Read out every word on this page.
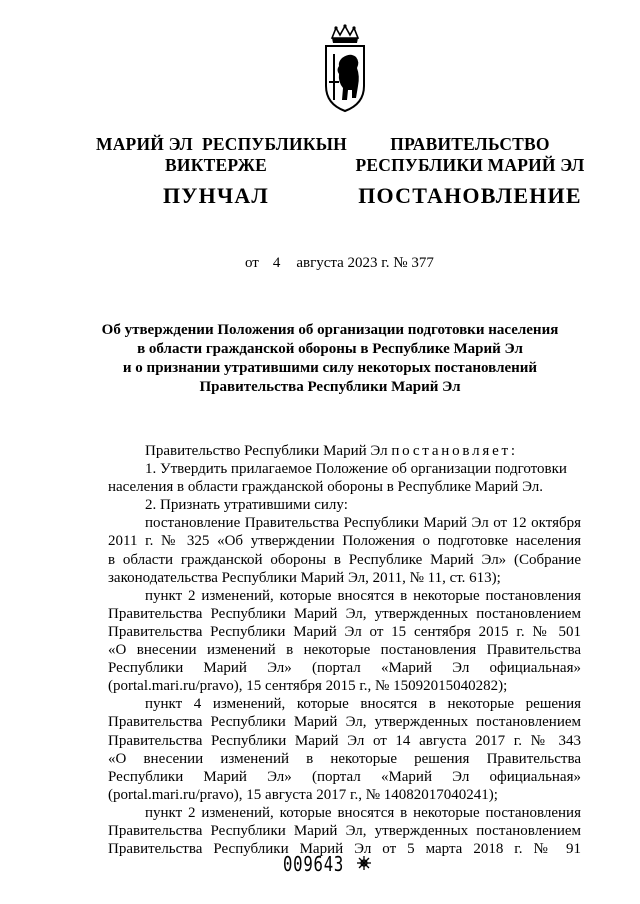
МАРИЙ ЭЛ  РЕСПУБЛИКЫН
ВИКТЕРЖЕ
ПУНЧАЛ
ПРАВИТЕЛЬСТВО
РЕСПУБЛИКИ МАРИЙ ЭЛ
ПОСТАНОВЛЕНИЕ
от 4 августа 2023 г. № 377
Об утверждении Положения об организации подготовки населения
в области гражданской обороны в Республике Марий Эл
и о признании утратившими силу некоторых постановлений
Правительства Республики Марий Эл
Правительство Республики Марий Эл постановляет:
1. Утвердить прилагаемое Положение об организации подготовки
населения в области гражданской обороны в Республике Марий Эл.
2. Признать утратившими силу:
постановление Правительства Республики Марий Эл от 12 октября
2011 г. № 325 «Об утверждении Положения о подготовке населения
в области гражданской обороны в Республике Марий Эл» (Собрание
законодательства Республики Марий Эл, 2011, № 11, ст. 613);
пункт 2 изменений, которые вносятся в некоторые постановления
Правительства Республики Марий Эл, утвержденных постановлением
Правительства Республики Марий Эл от 15 сентября 2015 г. № 501
«О внесении изменений в некоторые постановления Правительства
Республики Марий Эл» (портал «Марий Эл официальная»
(portal.mari.ru/pravo), 15 сентября 2015 г., № 15092015040282);
пункт 4 изменений, которые вносятся в некоторые решения
Правительства Республики Марий Эл, утвержденных постановлением
Правительства Республики Марий Эл от 14 августа 2017 г. № 343
«О внесении изменений в некоторые решения Правительства
Республики Марий Эл» (портал «Марий Эл официальная»
(portal.mari.ru/pravo), 15 августа 2017 г., № 14082017040241);
пункт 2 изменений, которые вносятся в некоторые постановления
Правительства Республики Марий Эл, утвержденных постановлением
Правительства Республики Марий Эл от 5 марта 2018 г. № 91
009643
